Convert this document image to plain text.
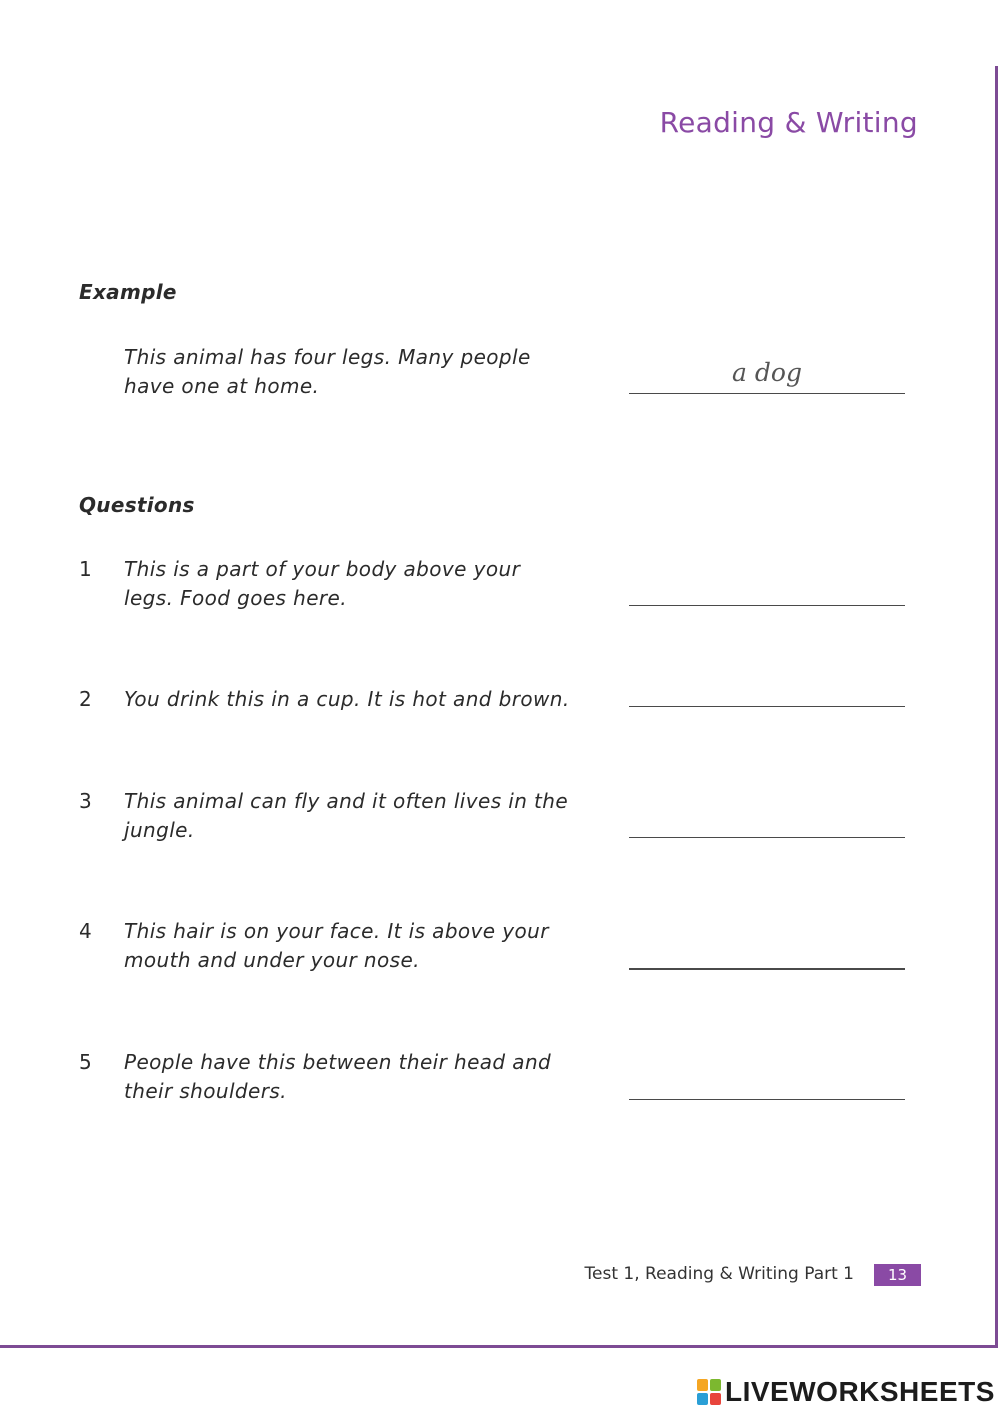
Reading & Writing
Example
This animal has four legs. Many people have one at home.	a dog
Questions
1 This is a part of your body above your legs. Food goes here.
2 You drink this in a cup. It is hot and brown.
3 This animal can fly and it often lives in the jungle.
4 This hair is on your face. It is above your mouth and under your nose.
5 People have this between their head and their shoulders.
Test 1, Reading & Writing Part 1	13
LIVEWORKSHEETS
